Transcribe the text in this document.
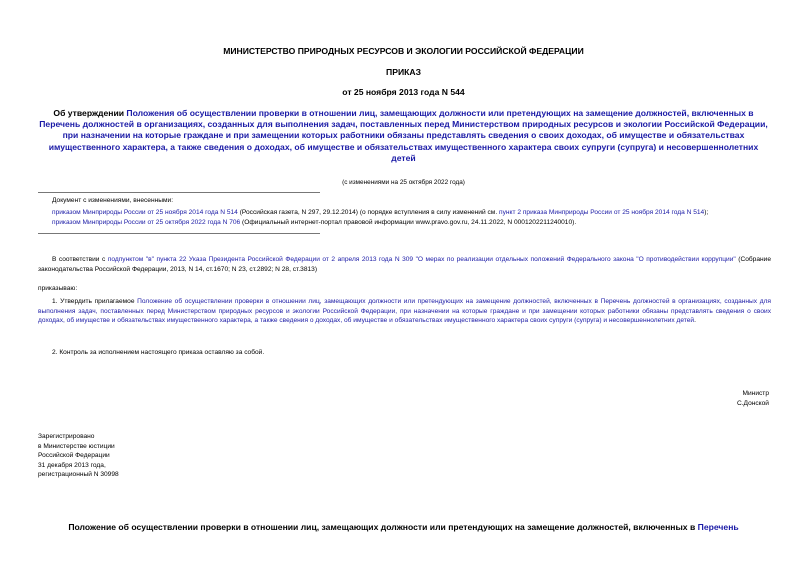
МИНИСТЕРСТВО ПРИРОДНЫХ РЕСУРСОВ И ЭКОЛОГИИ РОССИЙСКОЙ ФЕДЕРАЦИИ
ПРИКАЗ
от 25 ноября 2013 года N 544
Об утверждении Положения об осуществлении проверки в отношении лиц, замещающих должности или претендующих на замещение должностей, включенных в Перечень должностей в организациях, созданных для выполнения задач, поставленных перед Министерством природных ресурсов и экологии Российской Федерации, при назначении на которые граждане и при замещении которых работники обязаны представлять сведения о своих доходах, об имуществе и обязательствах имущественного характера, а также сведения о доходах, об имуществе и обязательствах имущественного характера своих супруги (супруга) и несовершеннолетних детей
(с изменениями на 25 октября 2022 года)
Документ с изменениями, внесенными:
приказом Минприроды России от 25 ноября 2014 года N 514 (Российская газета, N 297, 29.12.2014) (о порядке вступления в силу изменений см. пункт 2 приказа Минприроды России от 25 ноября 2014 года N 514);
приказом Минприроды России от 25 октября 2022 года N 706 (Официальный интернет-портал правовой информации www.pravo.gov.ru, 24.11.2022, N 0001202211240010).
В соответствии с подпунктом "в" пункта 22 Указа Президента Российской Федерации от 2 апреля 2013 года N 309 "О мерах по реализации отдельных положений Федерального закона "О противодействии коррупции" (Собрание законодательства Российской Федерации, 2013, N 14, ст.1670; N 23, ст.2892; N 28, ст.3813)
приказываю:
1. Утвердить прилагаемое Положение об осуществлении проверки в отношении лиц, замещающих должности или претендующих на замещение должностей, включенных в Перечень должностей в организациях, созданных для выполнения задач, поставленных перед Министерством природных ресурсов и экологии Российской Федерации, при назначении на которые граждане и при замещении которых работники обязаны представлять сведения о своих доходах, об имуществе и обязательствах имущественного характера, а также сведения о доходах, об имуществе и обязательствах имущественного характера своих супруги (супруга) и несовершеннолетних детей.
2. Контроль за исполнением настоящего приказа оставляю за собой.
Министр
С.Донской
Зарегистрировано
в Министерстве юстиции
Российской Федерации
31 декабря 2013 года,
регистрационный N 30998
Положение об осуществлении проверки в отношении лиц, замещающих должности или претендующих на замещение должностей, включенных в Перечень
